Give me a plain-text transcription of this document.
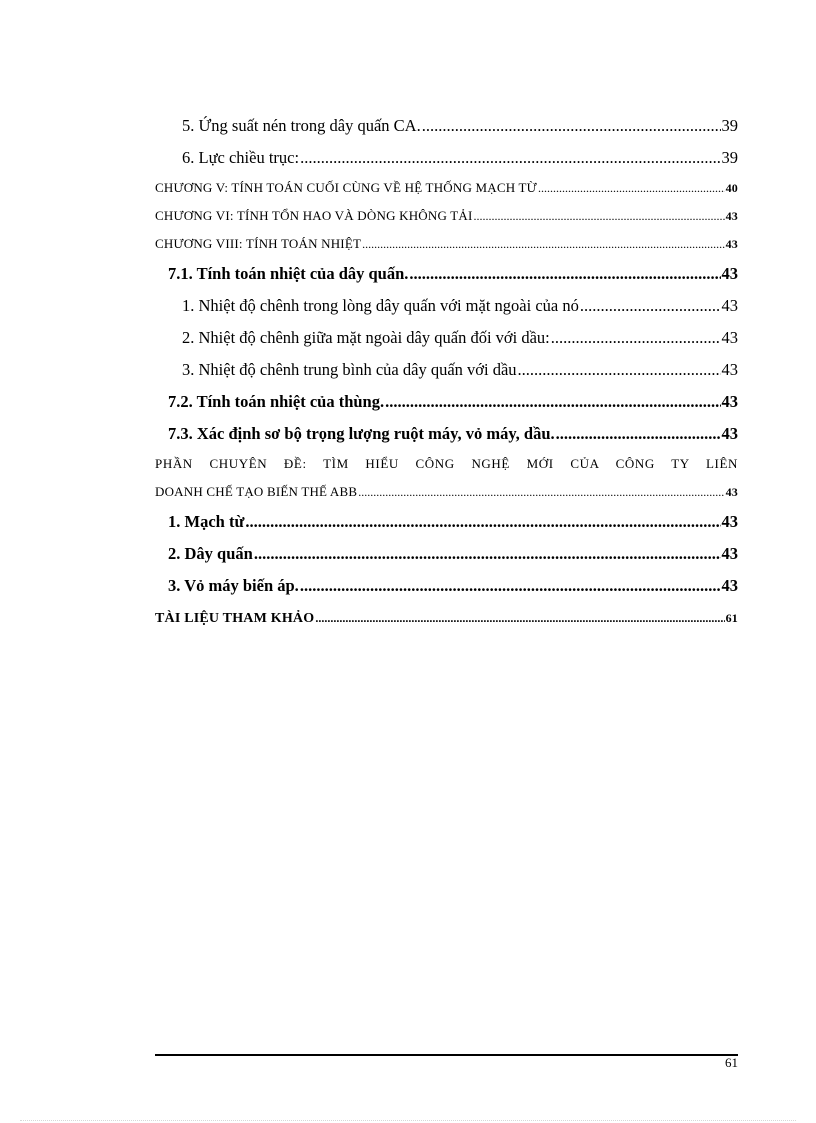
5. Ứng suất nén trong dây quấn CA. .....	39
6. Lực chiều trục: .....	39
CHƯƠNG V: TÍNH TOÁN CUỐI CÙNG VỀ HỆ THỐNG MẠCH TỪ .....	40
CHƯƠNG VI: TÍNH TỔN HAO VÀ DÒNG KHÔNG TẢI .....	43
CHƯƠNG VIII: TÍNH TOÁN NHIỆT .....	43
7.1. Tính toán nhiệt của dây quấn. .....	43
1. Nhiệt độ chênh trong lòng dây quấn với mặt ngoài của nó .....	43
2. Nhiệt độ chênh giữa mặt ngoài dây quấn đối với dầu: .....	43
3. Nhiệt độ chênh trung bình của dây quấn với dầu .....	43
7.2. Tính toán nhiệt của thùng. .....	43
7.3. Xác định sơ bộ trọng lượng ruột máy, vỏ máy, dầu. .....	43
PHẦN CHUYÊN ĐỀ: TÌM HIỂU CÔNG NGHỆ MỚI CỦA CÔNG TY LIÊN
DOANH CHẾ TẠO BIẾN THẾ ABB .....	43
1. Mạch từ .....	43
2. Dây quấn .....	43
3. Vỏ máy biến áp. .....	43
TÀI LIỆU THAM KHẢO .....	61
61
